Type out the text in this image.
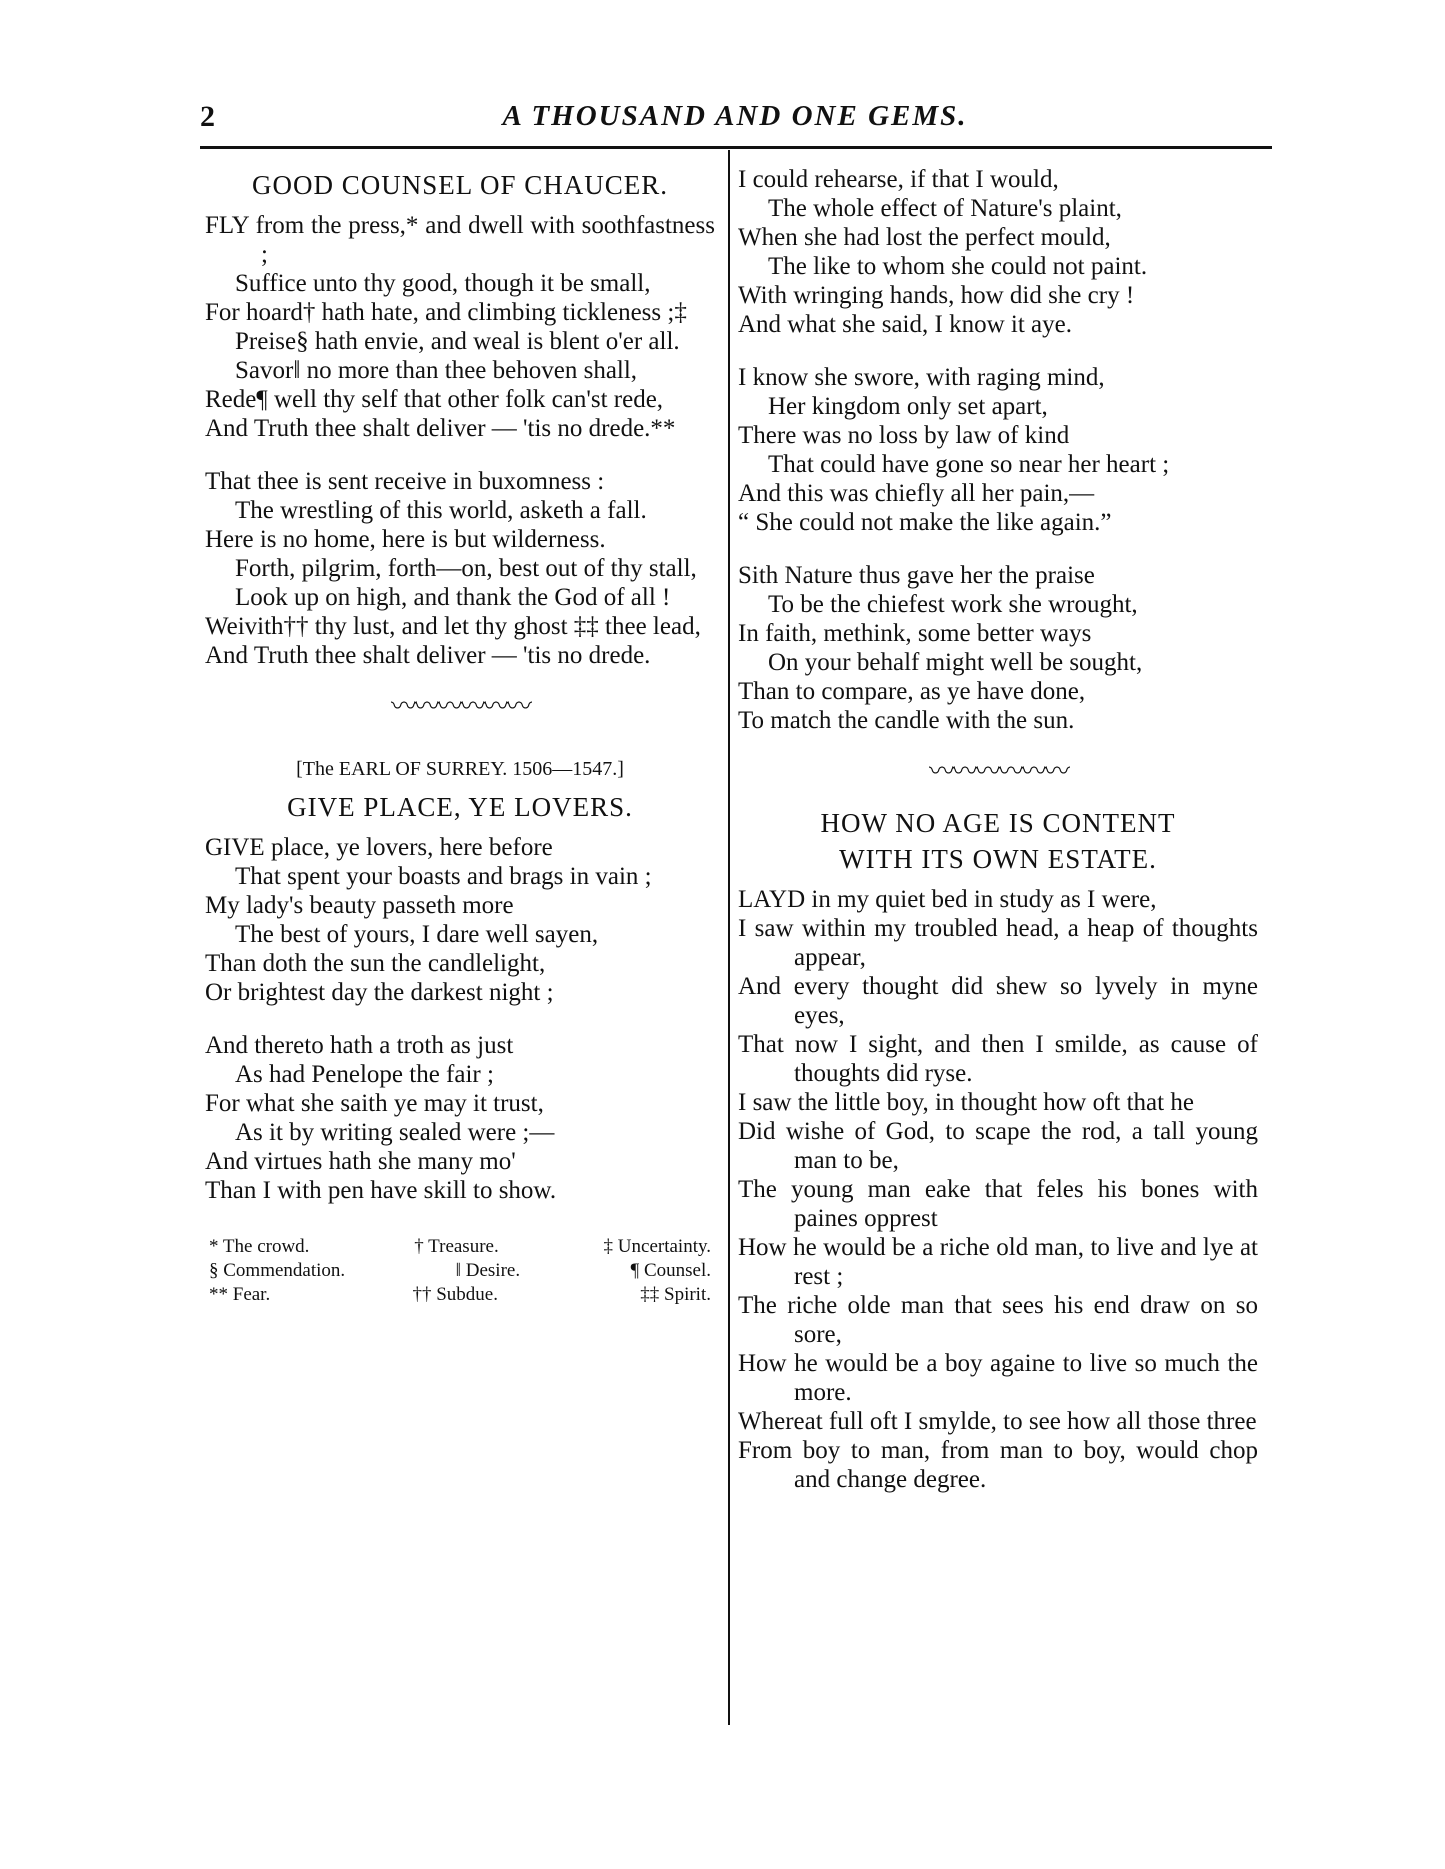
2	A THOUSAND AND ONE GEMS.
GOOD COUNSEL OF CHAUCER.
FLY from the press,* and dwell with soothfastness ;
Suffice unto thy good, though it be small,
For hoard† hath hate, and climbing tickleness ;‡
Preise§ hath envie, and weal is blent o'er all.
Savor‖ no more than thee behoven shall,
Rede¶ well thy self that other folk can'st rede,
And Truth thee shalt deliver — 'tis no drede.**
That thee is sent receive in buxomness :
The wrestling of this world, asketh a fall.
Here is no home, here is but wilderness.
Forth, pilgrim, forth—on, best out of thy stall,
Look up on high, and thank the God of all !
Weivith†† thy lust, and let thy ghost ‡‡ thee lead,
And Truth thee shalt deliver — 'tis no drede.
〰〰〰〰〰〰
[The EARL OF SURREY. 1506—1547.]
GIVE PLACE, YE LOVERS.
GIVE place, ye lovers, here before
That spent your boasts and brags in vain ;
My lady's beauty passeth more
The best of yours, I dare well sayen,
Than doth the sun the candlelight,
Or brightest day the darkest night ;
And thereto hath a troth as just
As had Penelope the fair ;
For what she saith ye may it trust,
As it by writing sealed were ;—
And virtues hath she many mo'
Than I with pen have skill to show.
* The crowd.	† Treasure.	‡ Uncertainty.
§ Commendation.	‖ Desire.	¶ Counsel.
** Fear.	†† Subdue.	‡‡ Spirit.
I could rehearse, if that I would,
The whole effect of Nature's plaint,
When she had lost the perfect mould,
The like to whom she could not paint.
With wringing hands, how did she cry !
And what she said, I know it aye.
I know she swore, with raging mind,
Her kingdom only set apart,
There was no loss by law of kind
That could have gone so near her heart ;
And this was chiefly all her pain,—
“ She could not make the like again.”
Sith Nature thus gave her the praise
To be the chiefest work she wrought,
In faith, methink, some better ways
On your behalf might well be sought,
Than to compare, as ye have done,
To match the candle with the sun.
〰〰〰〰〰〰
HOW NO AGE IS CONTENT
WITH ITS OWN ESTATE.
LAYD in my quiet bed in study as I were,
I saw within my troubled head, a heap of thoughts appear,
And every thought did shew so lyvely in myne eyes,
That now I sight, and then I smilde, as cause of thoughts did ryse.
I saw the little boy, in thought how oft that he
Did wishe of God, to scape the rod, a tall young man to be,
The young man eake that feles his bones with paines opprest
How he would be a riche old man, to live and lye at rest ;
The riche olde man that sees his end draw on so sore,
How he would be a boy againe to live so much the more.
Whereat full oft I smylde, to see how all those three
From boy to man, from man to boy, would chop and change degree.
